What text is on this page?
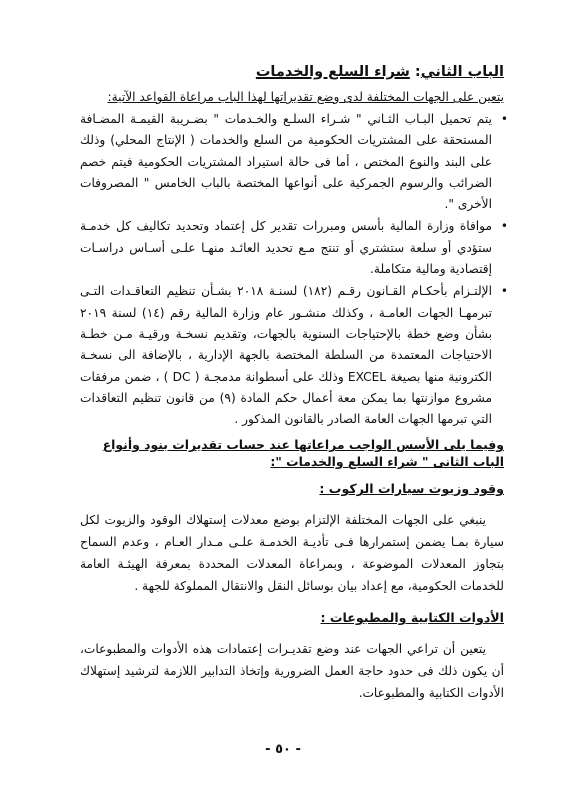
الباب الثاني: شراء السلع والخدمات

يتعين على الجهات المختلفة لدى وضع تقديراتها لهذا الباب مراعاة القواعد الآتية:

•
يتم تحميل البـاب الثـاني " شـراء السلـع والخـدمات " بضـريبة القيمـة المضـافة المستحقة على المشتريات الحكومية من السلع والخدمات ( الإنتاج المحلي) وذلك على البند والنوع المختص ، أما فى حالة استيراد المشتريات الحكومية فيتم خصم الضرائب والرسوم الجمركية على أنواعها المختصة بالباب الخامس " المصروفات الأخرى ".
•
موافاة وزارة المالية بأسس ومبررات تقدير كل إعتماد وتحديد تكاليف كل خدمـة ستؤدي أو سلعة ستشتري أو تنتج مـع تحديد العائـد منهـا علـى أسـاس دراسـات إقتصادية ومالية متكاملة.
•
الإلتـزام بأحكـام القـانون رقـم (١٨٢) لسنـة ٢٠١٨ بشـأن تنظيم التعاقـدات التـى تبرمهـا الجهات العامـة ، وكذلك منشـور عام وزارة المالية رقم (١٤) لسنة ٢٠١٩ بشأن وضع خطة بالإحتياجات السنوية بالجهات، وتقديم نسخـة ورقيـة مـن خطـة الاحتياجات المعتمدة من السلطة المختصة بالجهة الإدارية ، بالإضافة الى نسخـة الكترونية منها بصيغة EXCEL وذلك على أسطوانة مدمجـة ( C‏D ) ، ضمن مرفقات مشروع موازنتها بما يمكن معة أعمال حكم المادة (٩) من قانون تنظيم التعاقدات التي تبرمها الجهات العامة الصادر بالقانون المذكور .

وفيما يلى الأسس الواجب مراعاتها عند حساب تقديرات بنود وأنواع الباب الثانى " شراء السلع والخدمات ":

وقود وزيوت سيارات الركوب :

ينبغي على الجهات المختلفة الإلتزام بوضع معدلات إستهلاك الوقود والزيوت لكل سيارة بمـا يضمن إستمرارها فـى تأديـة الخدمـة علـى مـدار العـام ، وعدم السماح بتجاوز المعدلات الموضوعة ، وبمراعاة المعدلات المحددة بمعرفة الهيئـة العامة للخدمات الحكومية، مع إعداد بيان بوسائل النقل والانتقال المملوكة للجهة .

الأدوات الكتابية والمطبوعات :

يتعين أن تراعي الجهات عند وضع تقديـرات إعتمادات هذه الأدوات والمطبوعات، أن يكون ذلك فى حدود حاجة العمل الضرورية وإتخاذ التدابير اللازمة لترشيد إستهلاك الأدوات الكتابية والمطبوعات.

- ٥٠ -
